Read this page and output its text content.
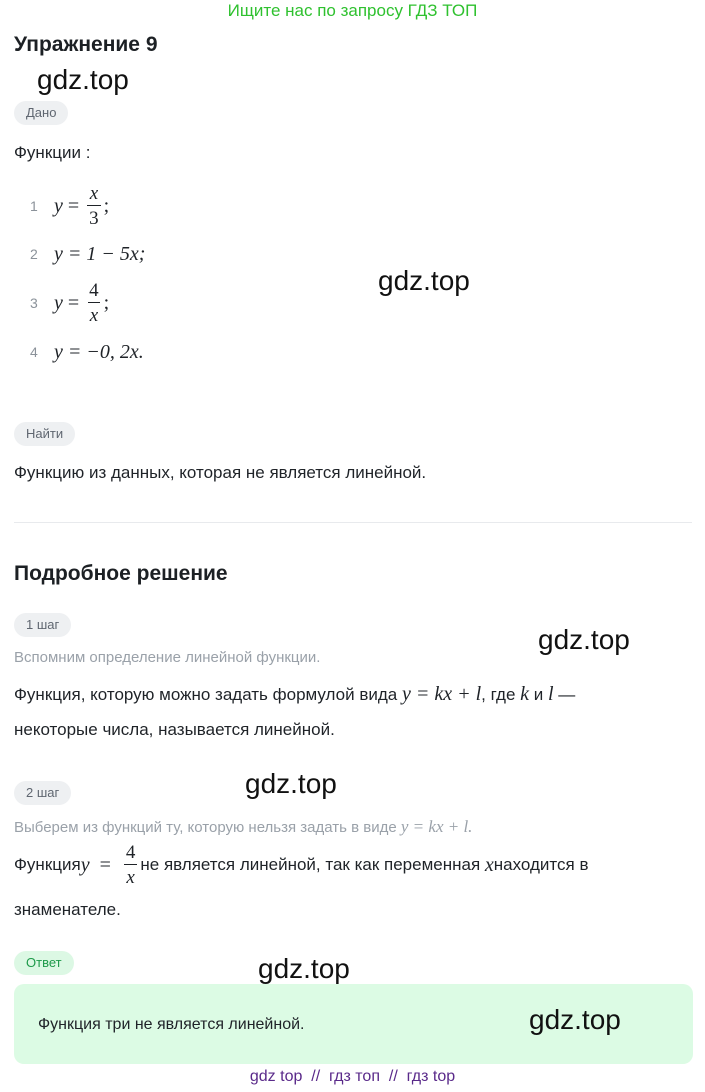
Ищите нас по запросу ГДЗ ТОП
Упражнение 9
gdz.top
gdz.top
gdz.top
gdz.top
gdz.top
Дано
Функции :
1 $y = \frac{x}{3}$ ;
2 y = 1 − 5x;
3 $y = \frac{4}{x}$ ;
4 y = −0, 2x.
Найти
Функцию из данных, которая не является линейной.
Подробное решение
1 шаг
Вспомним определение линейной функции.
Функция, которую можно задать формулой вида y = kx + l, где k и l —
некоторые числа, называется линейной.
2 шаг
Выберем из функций ту, которую нельзя задать в виде y = kx + l.
Функция $y = \frac{4}{x}$ не является линейной, так как переменная
x находится в
знаменателе.
Ответ
Функция три не является линейной.	gdz.top
gdz top  //  гдз топ  //  гдз top
